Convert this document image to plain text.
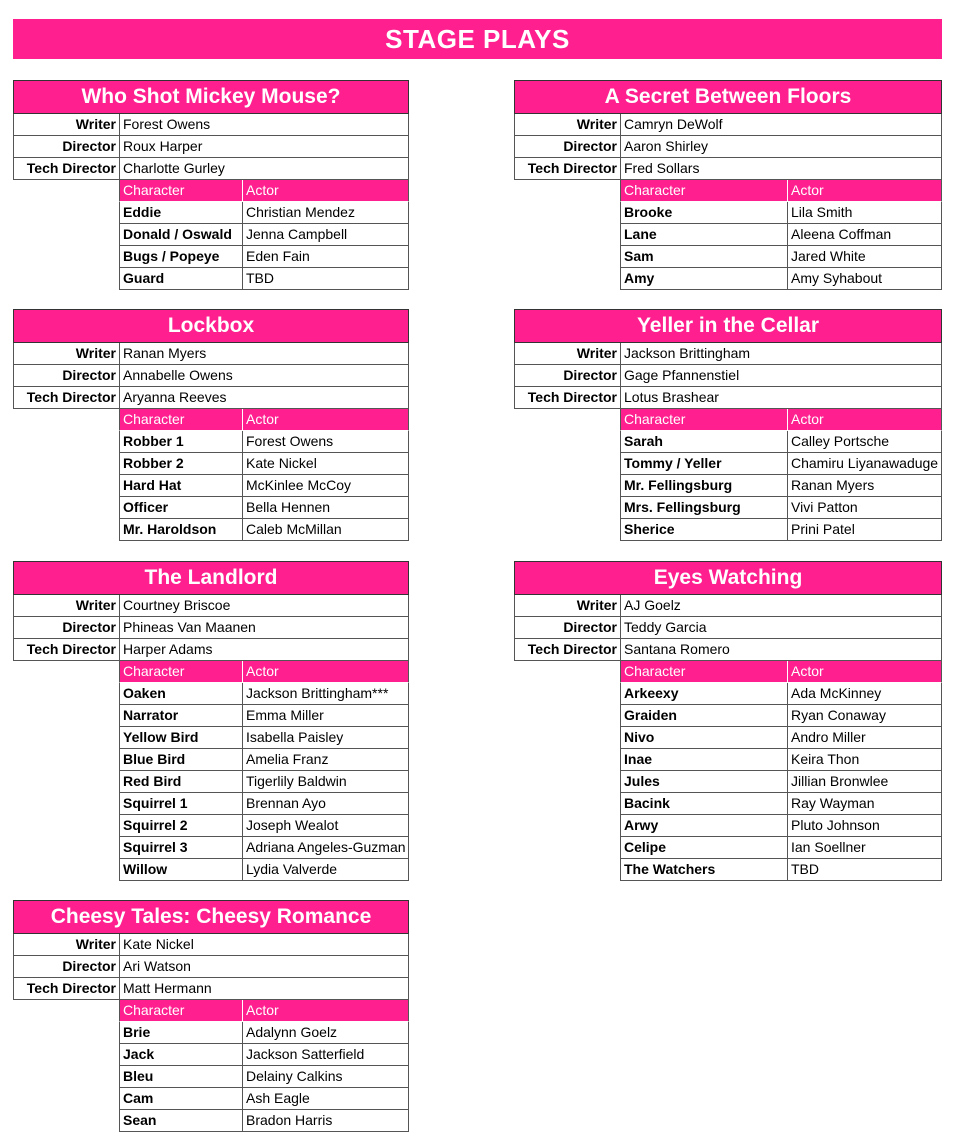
STAGE PLAYS
Who Shot Mickey Mouse?
Writer Forest Owens
Director Roux Harper
Tech Director Charlotte Gurley
Character	Actor
Eddie	Christian Mendez
Donald / Oswald	Jenna Campbell
Bugs / Popeye	Eden Fain
Guard	TBD
A Secret Between Floors
Writer Camryn DeWolf
Director Aaron Shirley
Tech Director Fred Sollars
Character	Actor
Brooke	Lila Smith
Lane	Aleena Coffman
Sam	Jared White
Amy	Amy Syhabout
Lockbox
Writer Ranan Myers
Director Annabelle Owens
Tech Director Aryanna Reeves
Character	Actor
Robber 1	Forest Owens
Robber 2	Kate Nickel
Hard Hat	McKinlee McCoy
Officer	Bella Hennen
Mr. Haroldson	Caleb McMillan
Yeller in the Cellar
Writer Jackson Brittingham
Director Gage Pfannenstiel
Tech Director Lotus Brashear
Character	Actor
Sarah	Calley Portsche
Tommy / Yeller	Chamiru Liyanawaduge
Mr. Fellingsburg	Ranan Myers
Mrs. Fellingsburg	Vivi Patton
Sherice	Prini Patel
The Landlord
Writer Courtney Briscoe
Director Phineas Van Maanen
Tech Director Harper Adams
Character	Actor
Oaken	Jackson Brittingham***
Narrator	Emma Miller
Yellow Bird	Isabella Paisley
Blue Bird	Amelia Franz
Red Bird	Tigerlily Baldwin
Squirrel 1	Brennan Ayo
Squirrel 2	Joseph Wealot
Squirrel 3	Adriana Angeles-Guzman
Willow	Lydia Valverde
Eyes Watching
Writer AJ Goelz
Director Teddy Garcia
Tech Director Santana Romero
Character	Actor
Arkeexy	Ada McKinney
Graiden	Ryan Conaway
Nivo	Andro Miller
Inae	Keira Thon
Jules	Jillian Bronwlee
Bacink	Ray Wayman
Arwy	Pluto Johnson
Celipe	Ian Soellner
The Watchers	TBD
Cheesy Tales: Cheesy Romance
Writer Kate Nickel
Director Ari Watson
Tech Director Matt Hermann
Character	Actor
Brie	Adalynn Goelz
Jack	Jackson Satterfield
Bleu	Delainy Calkins
Cam	Ash Eagle
Sean	Bradon Harris
